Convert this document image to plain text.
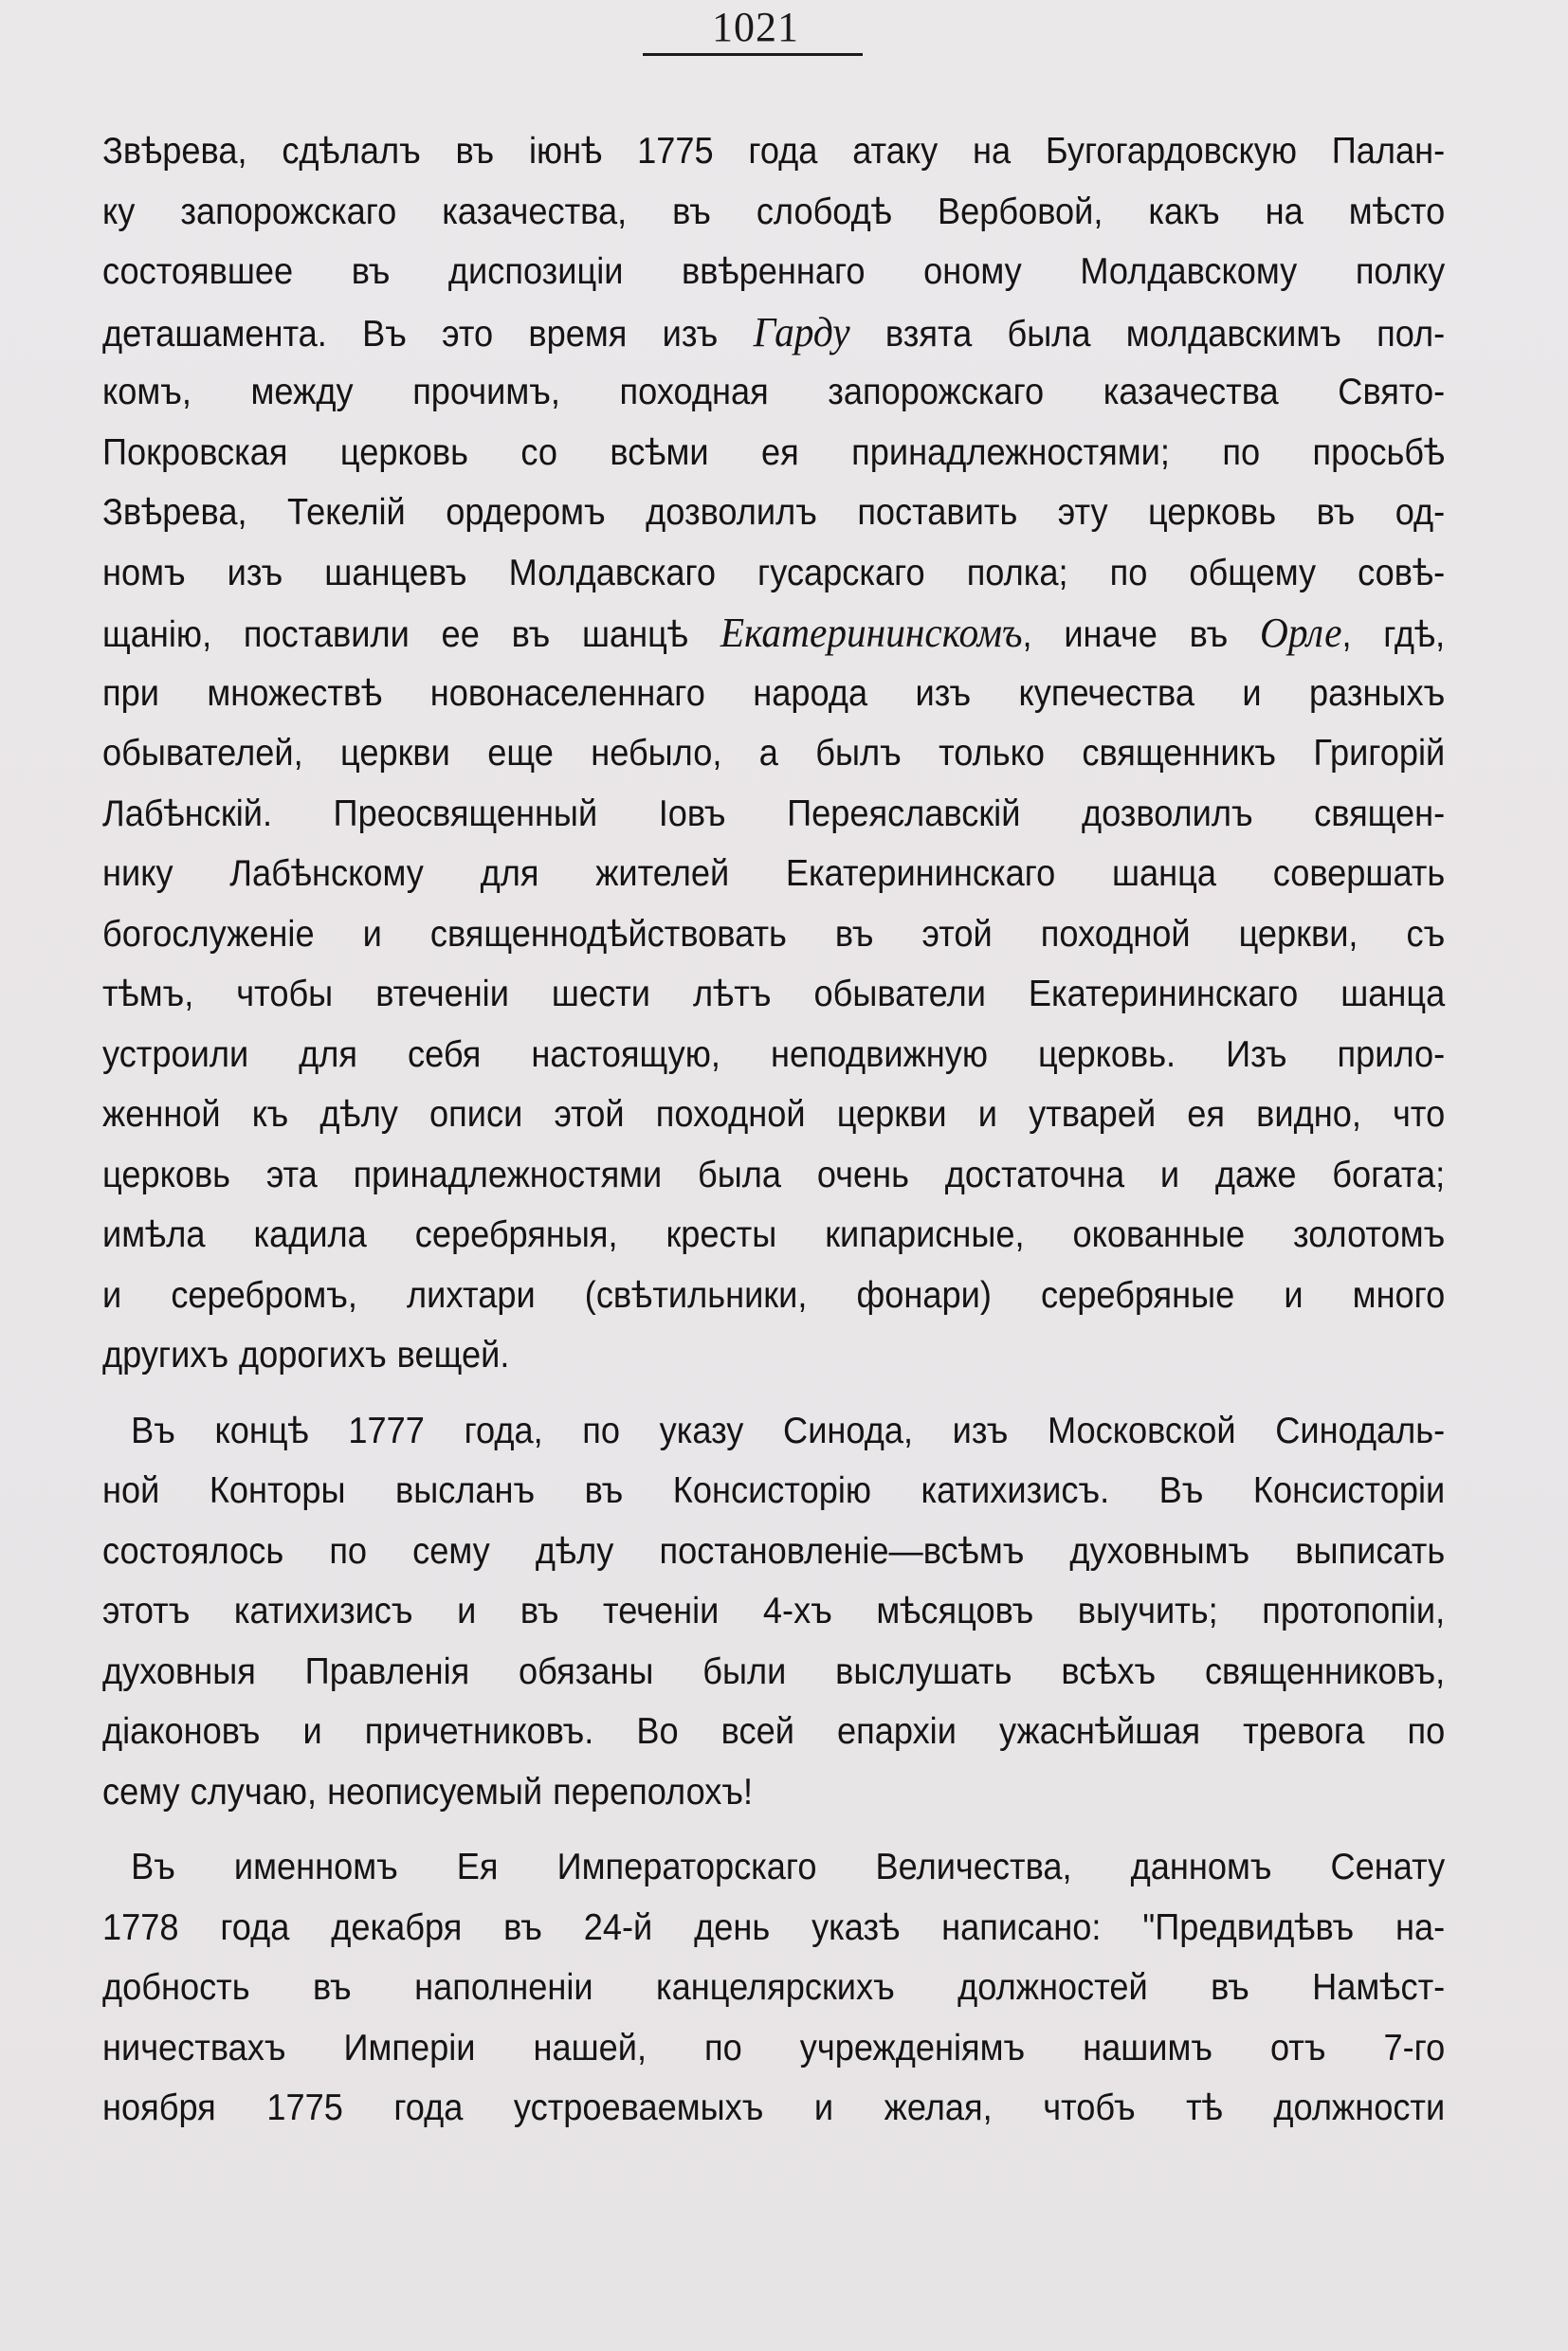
1021
Звѣрева, сдѣлалъ въ іюнѣ 1775 года атаку на Бугогардовскую Палан-
ку запорожскаго казачества, въ слободѣ Вербовой, какъ на мѣсто
состоявшее въ диспозиціи ввѣреннаго оному Молдавскому полку
деташамента. Въ это время изъ Гарду взята была молдавскимъ пол-
комъ, между прочимъ, походная запорожскаго казачества Свято-
Покровская церковь со всѣми ея принадлежностями; по просьбѣ
Звѣрева, Текелій ордеромъ дозволилъ поставить эту церковь въ од-
номъ изъ шанцевъ Молдавскаго гусарскаго полка; по общему совѣ-
щанію, поставили ее въ шанцѣ Екатерининскомъ, иначе въ Орле, гдѣ,
при множествѣ новонаселеннаго народа изъ купечества и разныхъ
обывателей, церкви еще небыло, а былъ только священникъ Григорій
Лабѣнскій. Преосвященный Іовъ Переяславскій дозволилъ священ-
нику Лабѣнскому для жителей Екатерининскаго шанца совершать
богослуженіе и священнодѣйствовать въ этой походной церкви, съ
тѣмъ, чтобы втеченіи шести лѣтъ обыватели Екатерининскаго шанца
устроили для себя настоящую, неподвижную церковь. Изъ прило-
женной къ дѣлу описи этой походной церкви и утварей ея видно, что
церковь эта принадлежностями была очень достаточна и даже богата;
имѣла кадила серебряныя, кресты кипарисные, окованные золотомъ
и серебромъ, лихтари (свѣтильники, фонари) серебряные и много
другихъ дорогихъ вещей.
Въ концѣ 1777 года, по указу Синода, изъ Московской Синодаль-
ной Конторы высланъ въ Консисторію катихизисъ. Въ Консисторіи
состоялось по сему дѣлу постановленіе—всѣмъ духовнымъ выписать
этотъ катихизисъ и въ теченіи 4-хъ мѣсяцовъ выучить; протопопіи,
духовныя Правленія обязаны были выслушать всѣхъ священниковъ,
діаконовъ и причетниковъ. Во всей епархіи ужаснѣйшая тревога по
сему случаю, неописуемый переполохъ!
Въ именномъ Ея Императорскаго Величества, данномъ Сенату
1778 года декабря въ 24-й день указѣ написано: "Предвидѣвъ на-
добность въ наполненіи канцелярскихъ должностей въ Намѣст-
ничествахъ Имперіи нашей, по учрежденіямъ нашимъ отъ 7-го
ноября 1775 года устроеваемыхъ и желая, чтобъ тѣ должности
